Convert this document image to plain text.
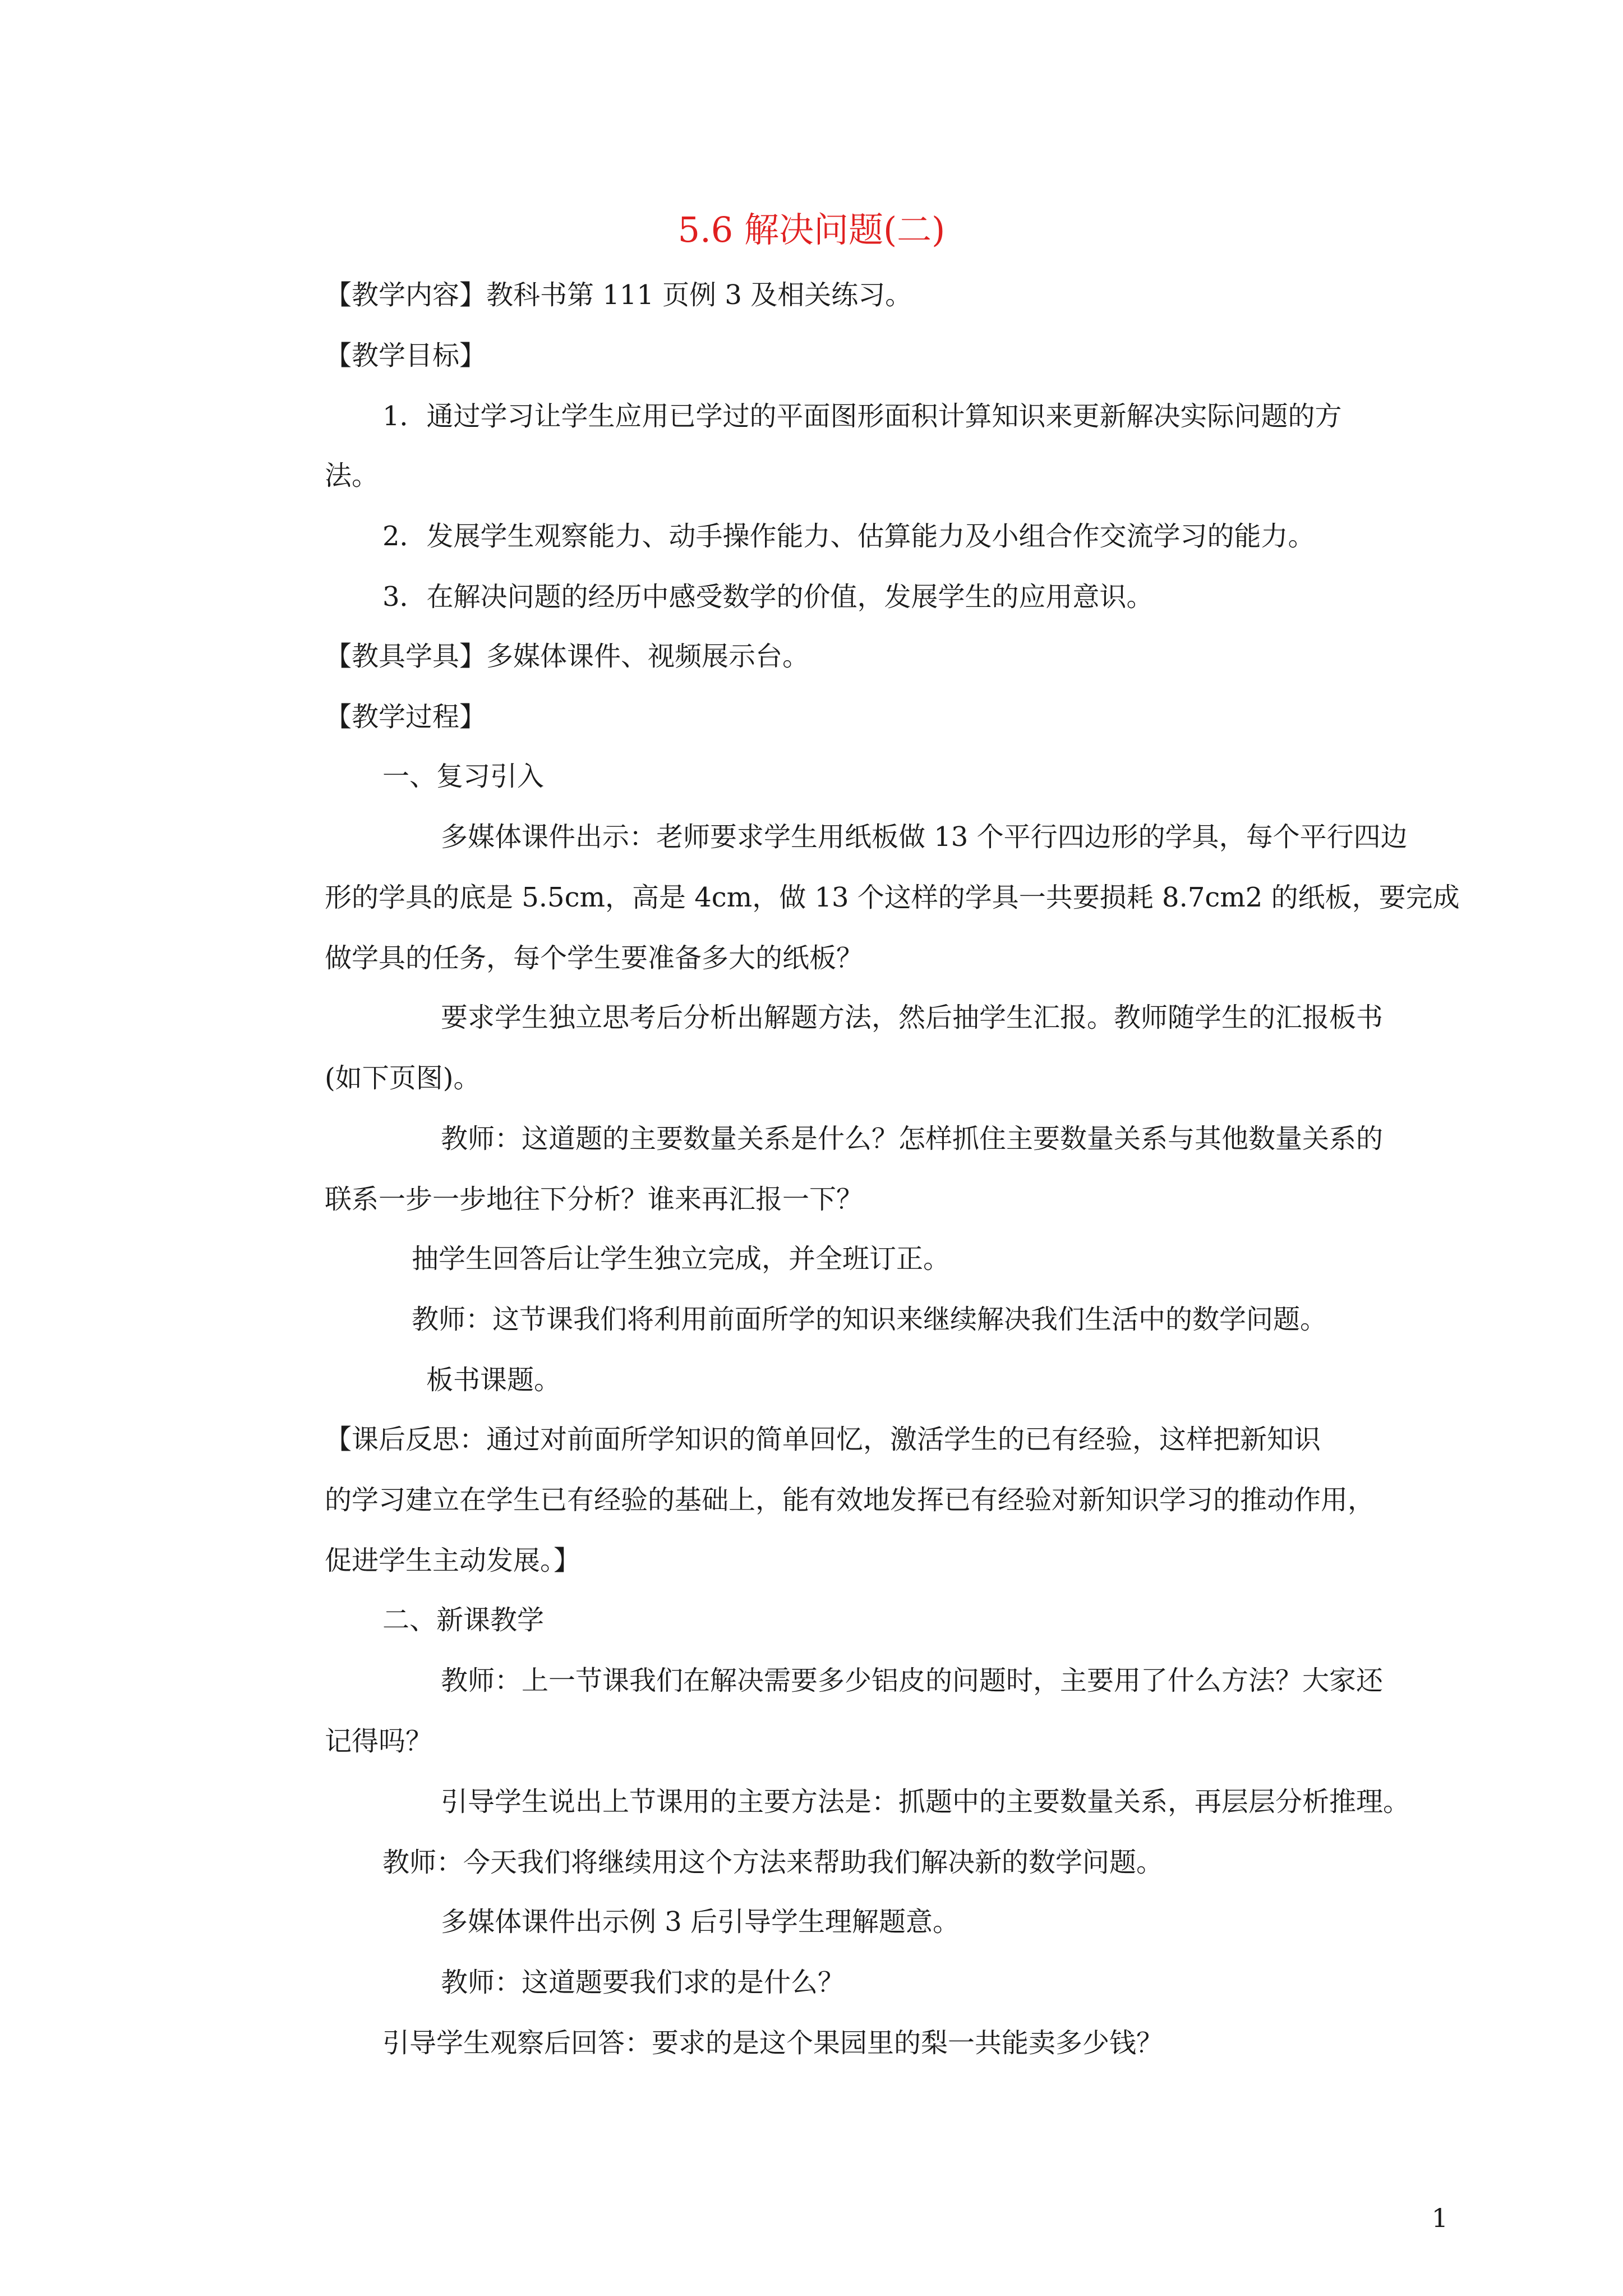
5.6 解决问题(二)
【教学内容】教科书第 111 页例 3 及相关练习。
【教学目标】
1．通过学习让学生应用已学过的平面图形面积计算知识来更新解决实际问题的方
法。
2．发展学生观察能力、动手操作能力、估算能力及小组合作交流学习的能力。
3．在解决问题的经历中感受数学的价值，发展学生的应用意识。
【教具学具】多媒体课件、视频展示台。
【教学过程】
一、复习引入
多媒体课件出示：老师要求学生用纸板做 13 个平行四边形的学具，每个平行四边
形的学具的底是 5.5cm，高是 4cm，做 13 个这样的学具一共要损耗 8.7cm2 的纸板，要完成
做学具的任务，每个学生要准备多大的纸板？
要求学生独立思考后分析出解题方法，然后抽学生汇报。教师随学生的汇报板书
(如下页图)。
教师：这道题的主要数量关系是什么？怎样抓住主要数量关系与其他数量关系的
联系一步一步地往下分析？谁来再汇报一下？
抽学生回答后让学生独立完成，并全班订正。
教师：这节课我们将利用前面所学的知识来继续解决我们生活中的数学问题。
板书课题。
【课后反思：通过对前面所学知识的简单回忆，激活学生的已有经验，这样把新知识
的学习建立在学生已有经验的基础上，能有效地发挥已有经验对新知识学习的推动作用，
促进学生主动发展。】
二、新课教学
教师：上一节课我们在解决需要多少铝皮的问题时，主要用了什么方法？大家还
记得吗？
引导学生说出上节课用的主要方法是：抓题中的主要数量关系，再层层分析推理。
教师：今天我们将继续用这个方法来帮助我们解决新的数学问题。
多媒体课件出示例 3 后引导学生理解题意。
教师：这道题要我们求的是什么？
引导学生观察后回答：要求的是这个果园里的梨一共能卖多少钱？
1
